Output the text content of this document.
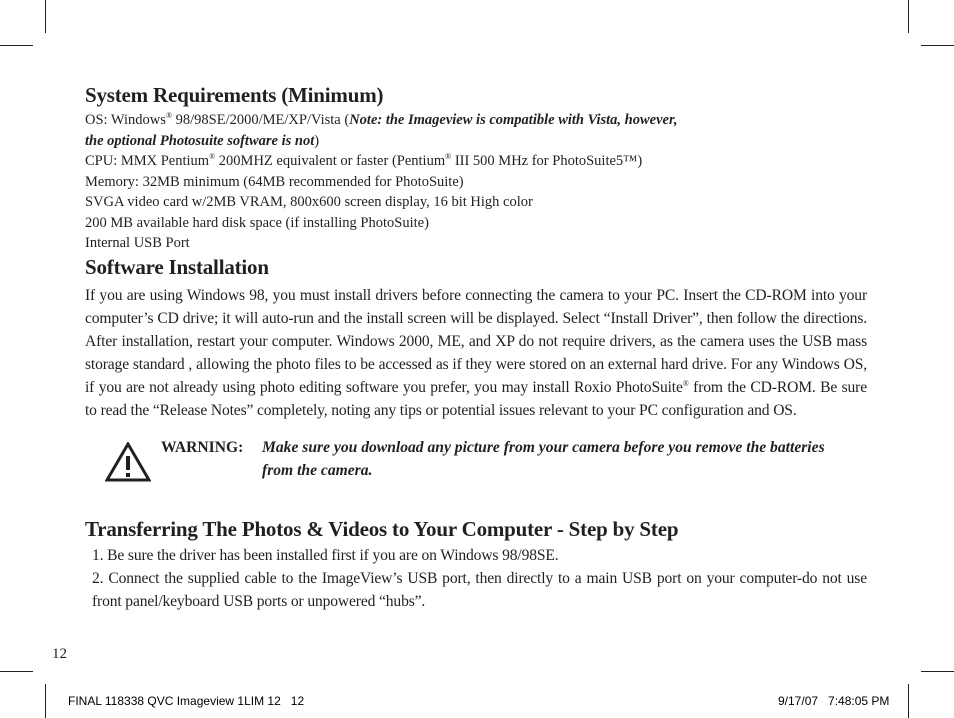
System Requirements (Minimum)

OS: Windows® 98/98SE/2000/ME/XP/Vista (Note: the Imageview is compatible with Vista, however,

the optional Photosuite software is not)

CPU: MMX Pentium® 200MHZ equivalent or faster (Pentium® III 500 MHz for PhotoSuite5™)

Memory: 32MB minimum (64MB recommended for PhotoSuite)

SVGA video card w/2MB VRAM, 800x600 screen display, 16 bit High color

200 MB available hard disk space (if installing PhotoSuite)

Internal USB Port

Software Installation

If you are using Windows 98, you must install drivers before connecting the camera to your PC. Insert the CD-ROM into your computer’s CD drive; it will auto-run and the install screen will be displayed. Select “Install Driver”, then follow the directions. After installation, restart your computer. Windows 2000, ME, and XP do not require drivers, as the camera uses the USB mass storage standard , allowing the photo files to be accessed as if they were stored on an external hard drive. For any Windows OS, if you are not already using photo editing software you prefer, you may install Roxio PhotoSuite® from the CD-ROM. Be sure to read the “Release Notes” completely, noting any tips or potential issues relevant to your PC configuration and OS.

WARNING: Make sure you download any picture from your camera before you remove the batteries from the camera.
Transferring The Photos & Videos to Your Computer - Step by Step

1. Be sure the driver has been installed first if you are on Windows 98/98SE.

2. Connect the supplied cable to the ImageView’s USB port, then directly to a main USB port on your computer-do not use front panel/keyboard USB ports or unpowered “hubs”.

12
FINAL 118338 QVC Imageview 1LIM 12   12	9/17/07   7:48:05 PM
